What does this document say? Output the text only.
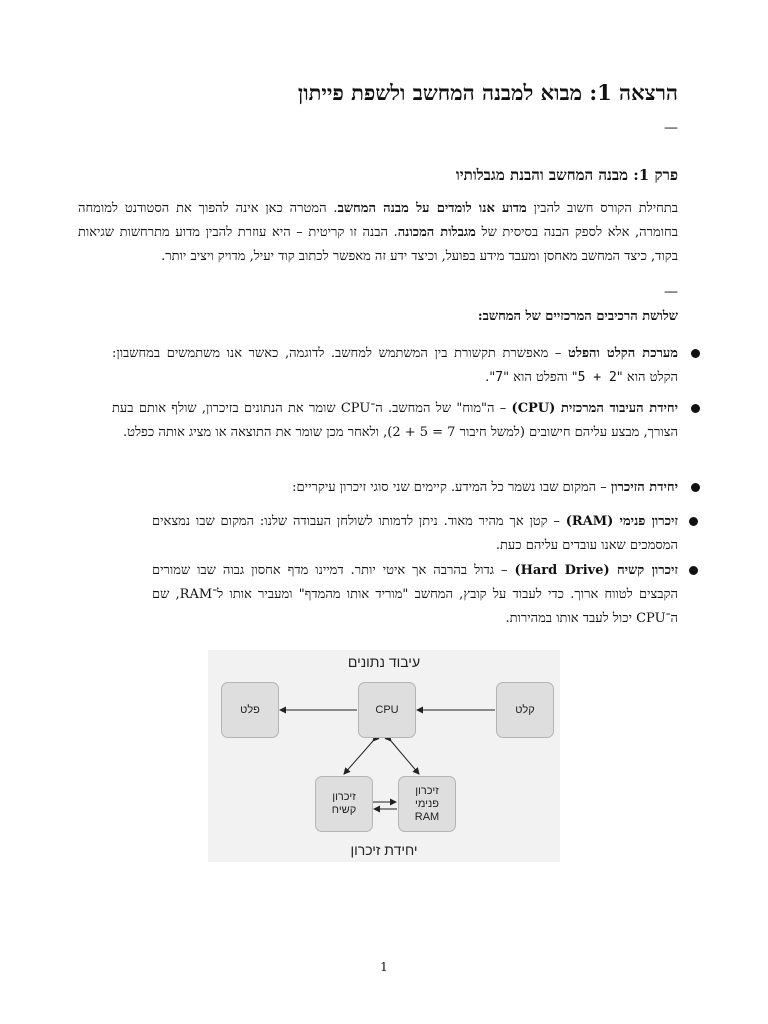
הרצאה 1: מבוא למבנה המחשב ולשפת פייתון
—
פרק 1: מבנה המחשב והבנת מגבלותיו

בתחילת הקורס חשוב להבין מדוע אנו לומדים על מבנה המחשב. המטרה כאן אינה להפוך את הסטודנט למומחה בחומרה, אלא לספק הבנה בסיסית של מגבלות המכונה. הבנה זו קריטית – היא עוזרת להבין מדוע מתרחשות שגיאות בקוד, כיצד המחשב מאחסן ומעבד מידע בפועל, וכיצד ידע זה מאפשר לכתוב קוד יעיל, מדויק ויציב יותר.

—
שלושת הרכיבים המרכזיים של המחשב:

מערכת הקלט והפלט – מאפשרת תקשורת בין המשתמש למחשב. לדוגמה, כאשר אנו משתמשים במחשבון: הקלט הוא "2 + 5" והפלט הוא "7".

יחידת העיבוד המרכזית (CPU) – ה"מוח" של המחשב. ה־CPU שומר את הנתונים בזיכרון, שולף אותם בעת הצורך, מבצע עליהם חישובים (למשל חיבור 2 + 5 = 7), ולאחר מכן שומר את התוצאה או מציג אותה כפלט.

יחידת הזיכרון – המקום שבו נשמר כל המידע. קיימים שני סוגי זיכרון עיקריים:

זיכרון פנימי (RAM) – קטן אך מהיר מאוד. ניתן לדמותו לשולחן העבודה שלנו: המקום שבו נמצאים המסמכים שאנו עובדים עליהם כעת.

זיכרון קשיח (Hard Drive) – גדול בהרבה אך איטי יותר. דמיינו מדף אחסון גבוה שבו שמורים הקבצים לטווח ארוך. כדי לעבוד על קובץ, המחשב "מוריד אותו מהמדף" ומעביר אותו ל־RAM, שם ה־CPU יכול לעבד אותו במהירות.

עיבוד נתונים
פלט	CPU	קלט
זיכרון
קשיח
זיכרון
פנימי
RAM
יחידת זיכרון
1
